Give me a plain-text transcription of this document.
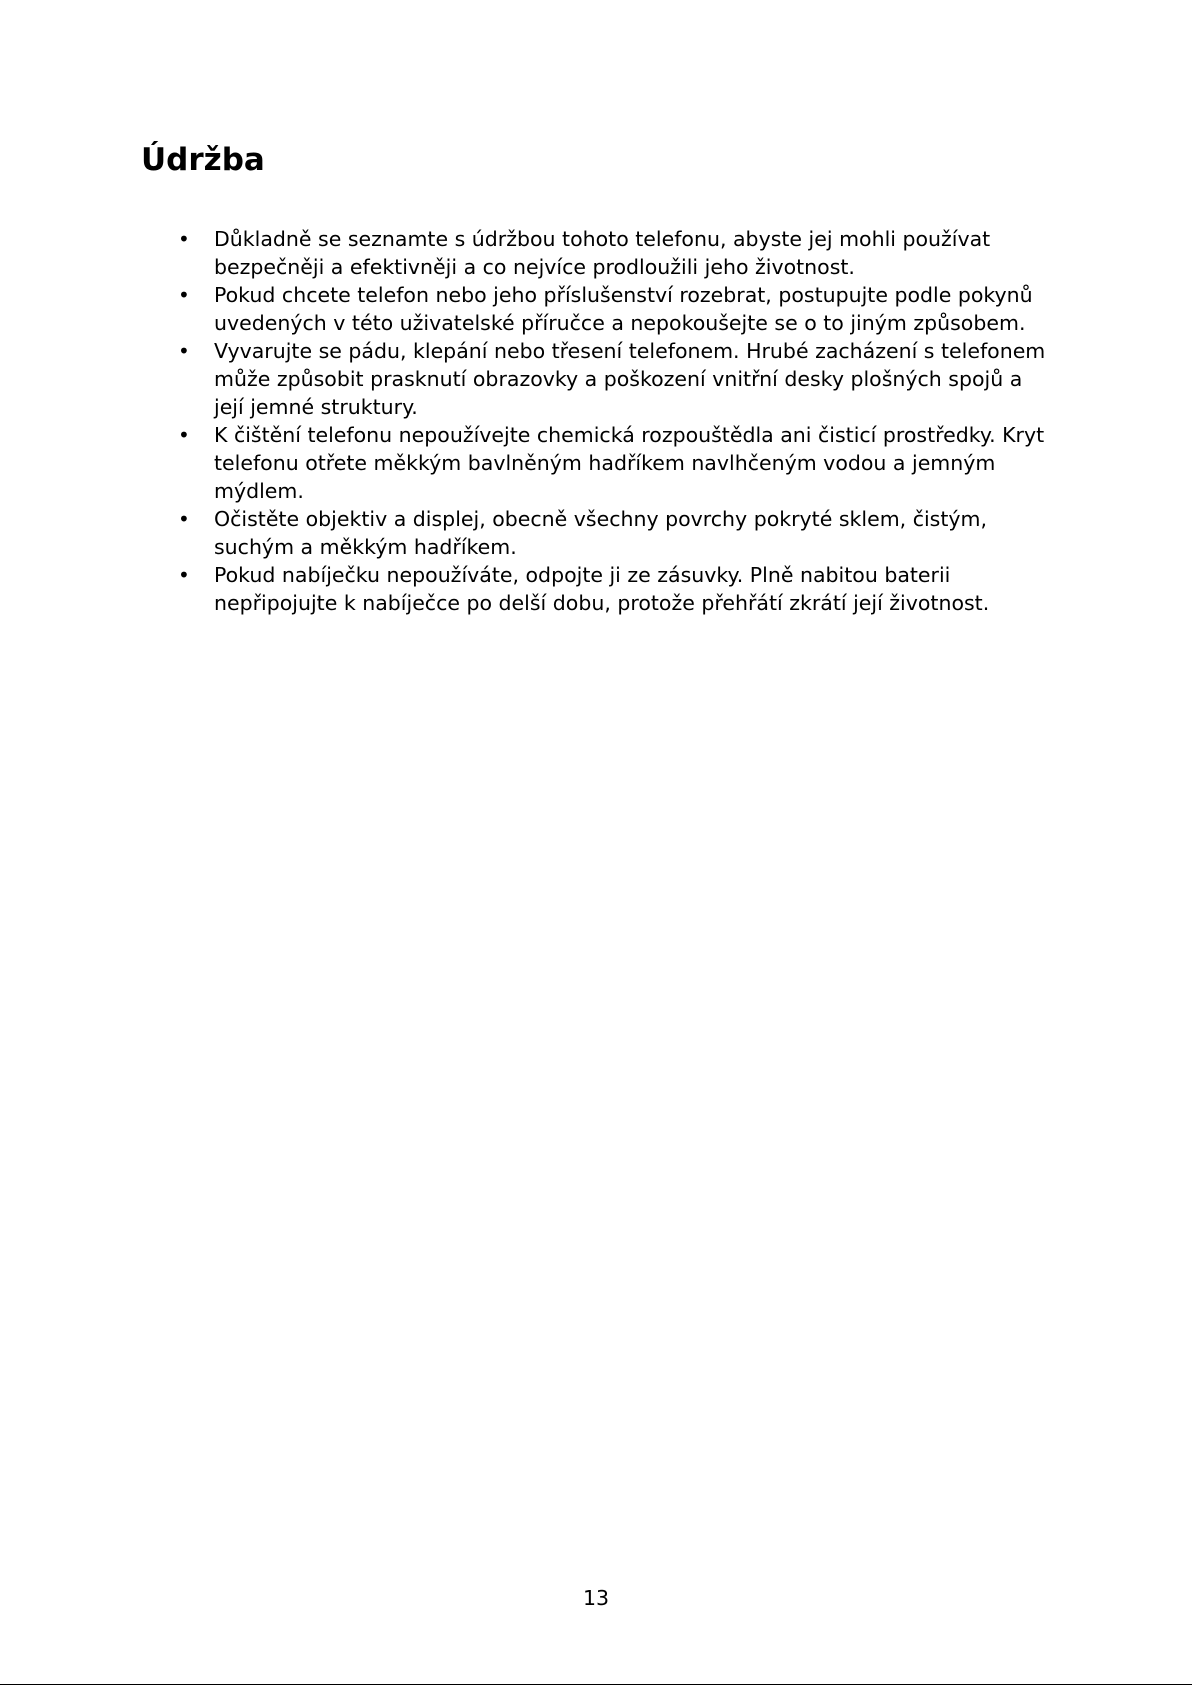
Údržba
• Důkladně se seznamte s údržbou tohoto telefonu, abyste jej mohli používat bezpečněji a efektivněji a co nejvíce prodloužili jeho životnost.
• Pokud chcete telefon nebo jeho příslušenství rozebrat, postupujte podle pokynů uvedených v této uživatelské příručce a nepokoušejte se o to jiným způsobem.
• Vyvarujte se pádu, klepání nebo třesení telefonem. Hrubé zacházení s telefonem může způsobit prasknutí obrazovky a poškození vnitřní desky plošných spojů a její jemné struktury.
• K čištění telefonu nepoužívejte chemická rozpouštědla ani čisticí prostředky. Kryt telefonu otřete měkkým bavlněným hadříkem navlhčeným vodou a jemným mýdlem.
• Očistěte objektiv a displej, obecně všechny povrchy pokryté sklem, čistým, suchým a měkkým hadříkem.
• Pokud nabíječku nepoužíváte, odpojte ji ze zásuvky. Plně nabitou baterii nepřipojujte k nabíječce po delší dobu, protože přehřátí zkrátí její životnost.
13
